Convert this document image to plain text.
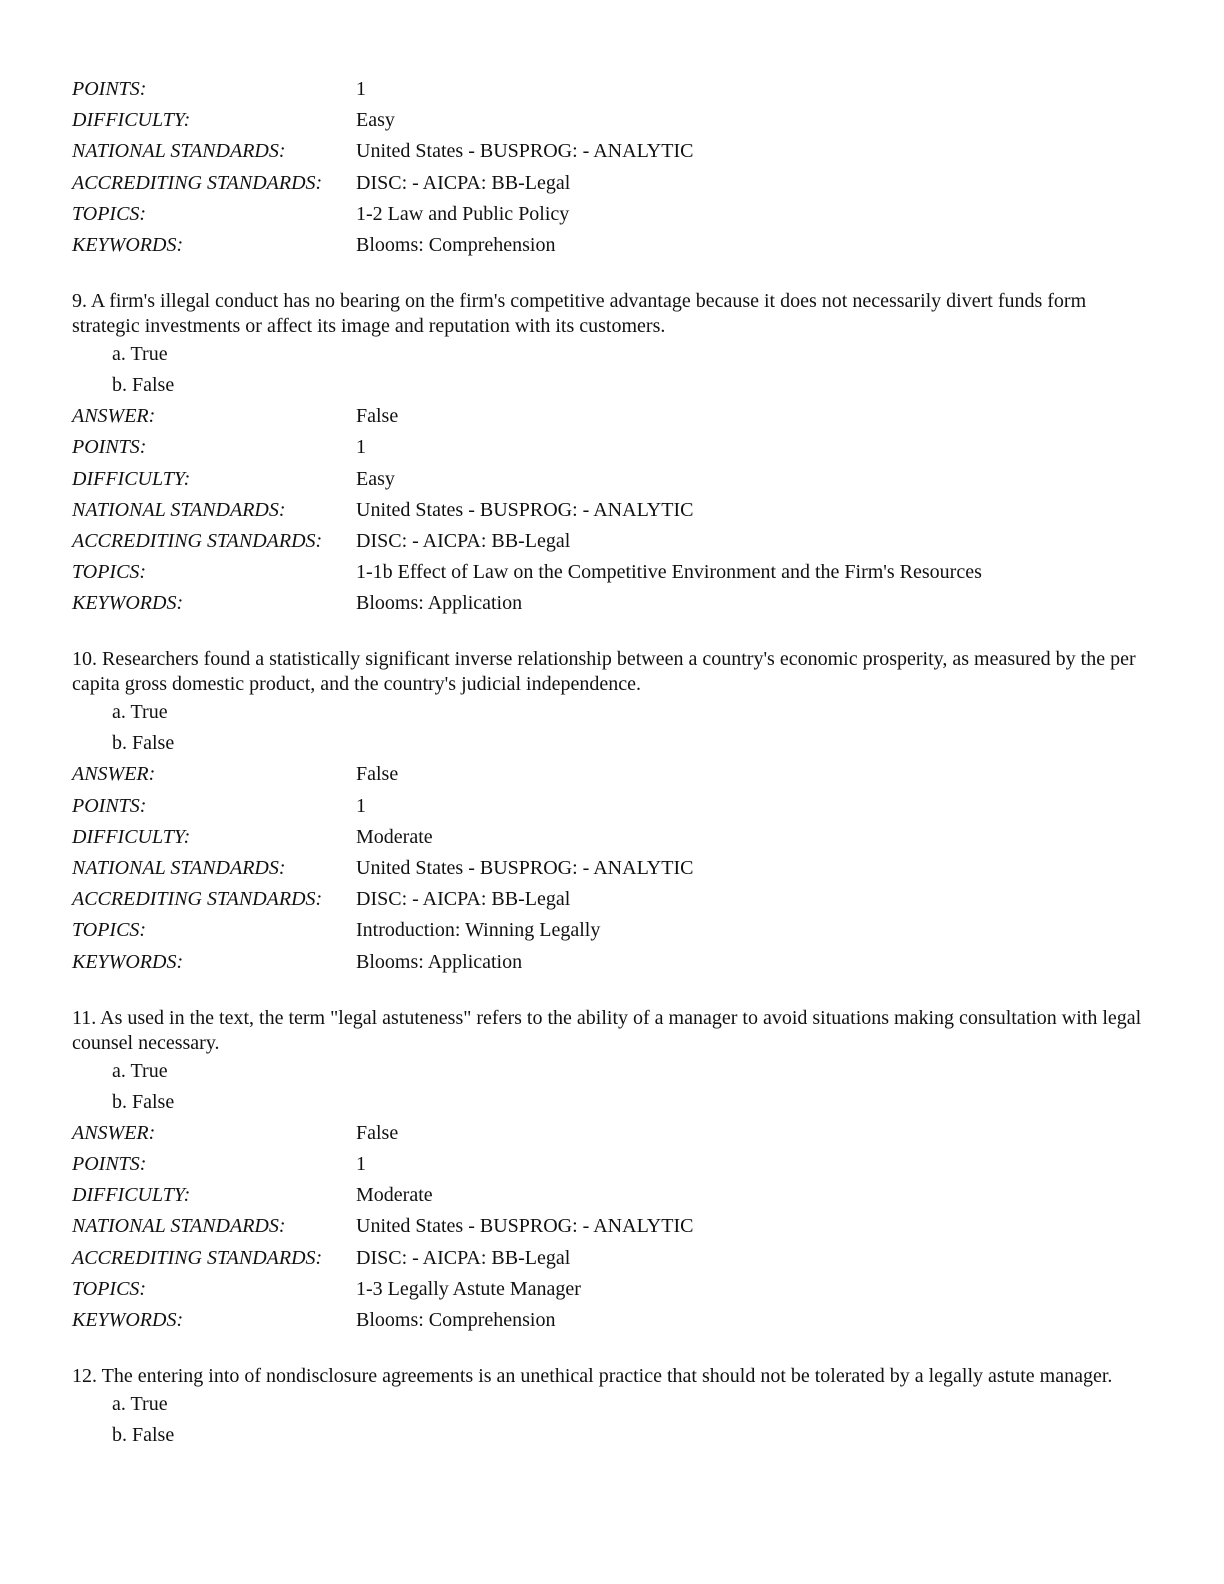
POINTS:	1
DIFFICULTY:	Easy
NATIONAL STANDARDS:	United States - BUSPROG: - ANALYTIC
ACCREDITING STANDARDS:	DISC: - AICPA: BB-Legal
TOPICS:	1-2 Law and Public Policy
KEYWORDS:	Blooms: Comprehension
9. A firm's illegal conduct has no bearing on the firm's competitive advantage because it does not necessarily divert funds form strategic investments or affect its image and reputation with its customers.
a. True
b. False
ANSWER:	False
POINTS:	1
DIFFICULTY:	Easy
NATIONAL STANDARDS:	United States - BUSPROG: - ANALYTIC
ACCREDITING STANDARDS:	DISC: - AICPA: BB-Legal
TOPICS:	1-1b Effect of Law on the Competitive Environment and the Firm's Resources
KEYWORDS:	Blooms: Application
10. Researchers found a statistically significant inverse relationship between a country's economic prosperity, as measured by the per capita gross domestic product, and the country's judicial independence.
a. True
b. False
ANSWER:	False
POINTS:	1
DIFFICULTY:	Moderate
NATIONAL STANDARDS:	United States - BUSPROG: - ANALYTIC
ACCREDITING STANDARDS:	DISC: - AICPA: BB-Legal
TOPICS:	Introduction: Winning Legally
KEYWORDS:	Blooms: Application
11. As used in the text, the term "legal astuteness" refers to the ability of a manager to avoid situations making consultation with legal counsel necessary.
a. True
b. False
ANSWER:	False
POINTS:	1
DIFFICULTY:	Moderate
NATIONAL STANDARDS:	United States - BUSPROG: - ANALYTIC
ACCREDITING STANDARDS:	DISC: - AICPA: BB-Legal
TOPICS:	1-3 Legally Astute Manager
KEYWORDS:	Blooms: Comprehension
12. The entering into of nondisclosure agreements is an unethical practice that should not be tolerated by a legally astute manager.
a. True
b. False
